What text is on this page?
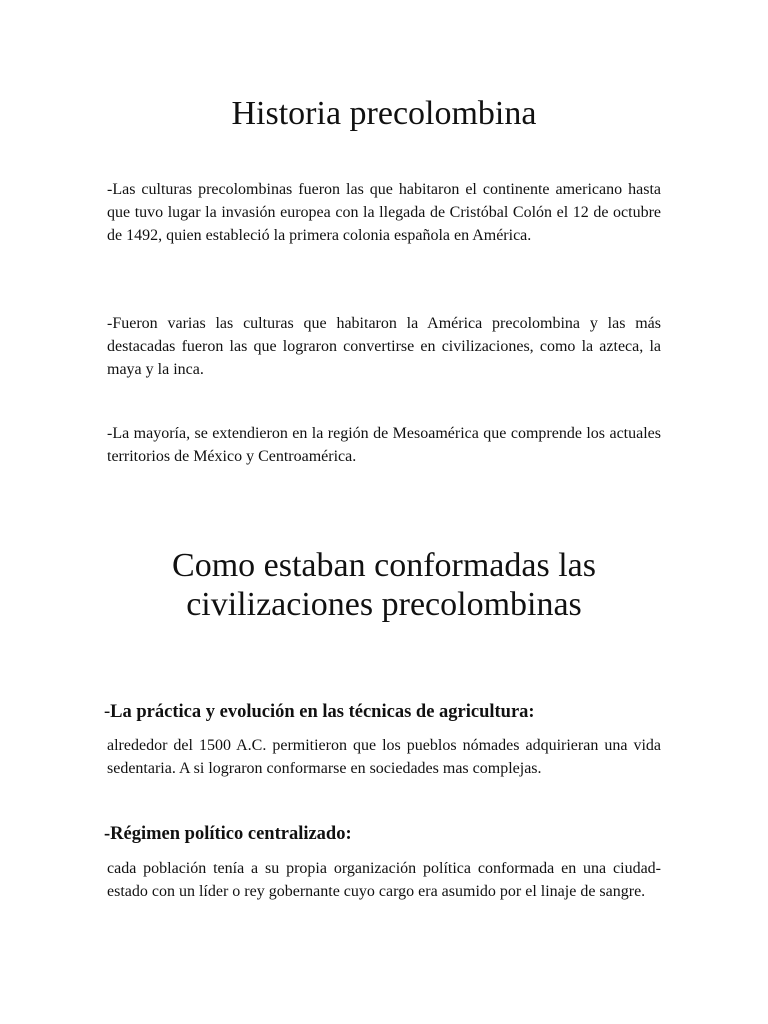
Historia precolombina

-Las culturas precolombinas fueron las que habitaron el continente americano hasta que tuvo lugar la invasión europea con la llegada de Cristóbal Colón el 12 de octubre de 1492, quien estableció la primera colonia española en América.

-Fueron varias las culturas que habitaron la América precolombina y las más destacadas fueron las que lograron convertirse en civilizaciones, como la azteca, la maya y la inca.

-La mayoría, se extendieron en la región de Mesoamérica que comprende los actuales territorios de México y Centroamérica.

Como estaban conformadas las
civilizaciones precolombinas
-La práctica y evolución en las técnicas de agricultura:

alrededor del 1500 A.C. permitieron que los pueblos nómades adquirieran una vida sedentaria. A si lograron conformarse en sociedades mas complejas.

-Régimen político centralizado:

cada población tenía a su propia organización política conformada en una ciudad-estado con un líder o rey gobernante cuyo cargo era asumido por el linaje de sangre.
